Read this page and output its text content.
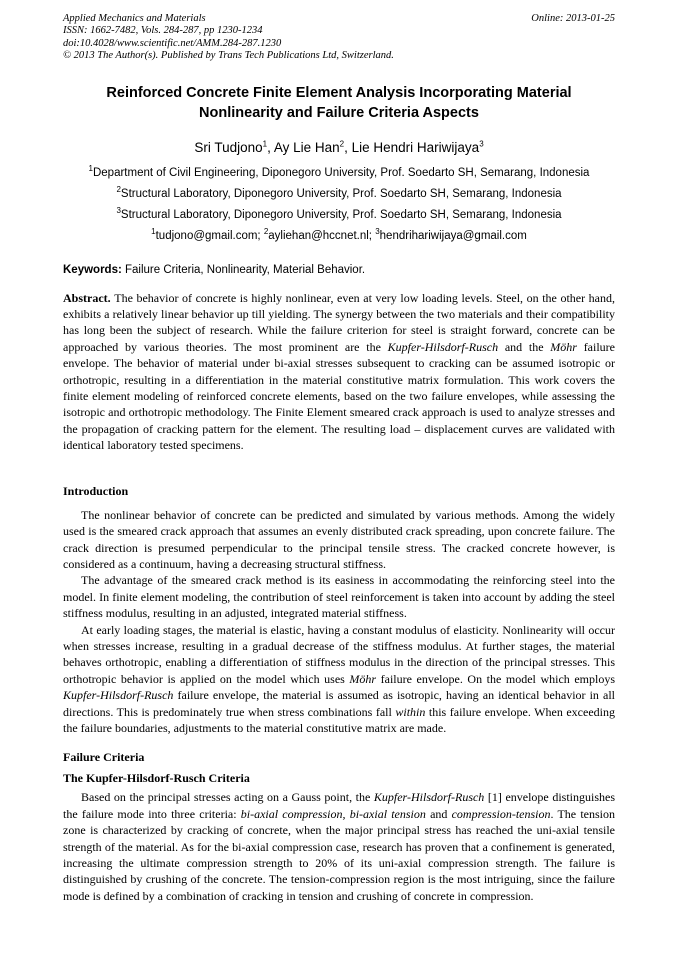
Applied Mechanics and Materials	Online: 2013-01-25
ISSN: 1662-7482, Vols. 284-287, pp 1230-1234
doi:10.4028/www.scientific.net/AMM.284-287.1230
© 2013 The Author(s). Published by Trans Tech Publications Ltd, Switzerland.
Reinforced Concrete Finite Element Analysis Incorporating Material Nonlinearity and Failure Criteria Aspects

Sri Tudjono$^1$, Ay Lie Han$^2$, Lie Hendri Hariwijaya$^3$

$^1$Department of Civil Engineering, Diponegoro University, Prof. Soedarto SH, Semarang, Indonesia

$^2$Structural Laboratory, Diponegoro University, Prof. Soedarto SH, Semarang, Indonesia

$^3$Structural Laboratory, Diponegoro University, Prof. Soedarto SH, Semarang, Indonesia

$^1$tudjono@gmail.com; $^2$ayliehan@hccnet.nl; $^3$hendrihariwijaya@gmail.com

Keywords: Failure Criteria, Nonlinearity, Material Behavior.

Abstract. The behavior of concrete is highly nonlinear, even at very low loading levels. Steel, on the other hand, exhibits a relatively linear behavior up till yielding. The synergy between the two materials and their compatibility has long been the subject of research. While the failure criterion for steel is straight forward, concrete can be approached by various theories. The most prominent are the Kupfer-Hilsdorf-Rusch and the Möhr failure envelope. The behavior of material under bi-axial stresses subsequent to cracking can be assumed isotropic or orthotropic, resulting in a differentiation in the material constitutive matrix formulation. This work covers the finite element modeling of reinforced concrete elements, based on the two failure envelopes, while assessing the isotropic and orthotropic methodology. The Finite Element smeared crack approach is used to analyze stresses and the propagation of cracking pattern for the element. The resulting load – displacement curves are validated with identical laboratory tested specimens.

Introduction

The nonlinear behavior of concrete can be predicted and simulated by various methods. Among the widely used is the smeared crack approach that assumes an evenly distributed crack spreading, upon concrete failure. The crack direction is presumed perpendicular to the principal tensile stress. The cracked concrete however, is considered as a continuum, having a decreasing structural stiffness.

The advantage of the smeared crack method is its easiness in accommodating the reinforcing steel into the model. In finite element modeling, the contribution of steel reinforcement is taken into account by adding the steel stiffness modulus, resulting in an adjusted, integrated material stiffness.

At early loading stages, the material is elastic, having a constant modulus of elasticity. Nonlinearity will occur when stresses increase, resulting in a gradual decrease of the stiffness modulus. At further stages, the material behaves orthotropic, enabling a differentiation of stiffness modulus in the direction of the principal stresses. This orthotropic behavior is applied on the model which uses Möhr failure envelope. On the model which employs Kupfer-Hilsdorf-Rusch failure envelope, the material is assumed as isotropic, having an identical behavior in all directions. This is predominately true when stress combinations fall within this failure envelope. When exceeding the failure boundaries, adjustments to the material constitutive matrix are made.

Failure Criteria
The Kupfer-Hilsdorf-Rusch Criteria

Based on the principal stresses acting on a Gauss point, the Kupfer-Hilsdorf-Rusch [1] envelope distinguishes the failure mode into three criteria: bi-axial compression, bi-axial tension and compression-tension. The tension zone is characterized by cracking of concrete, when the major principal stress has reached the uni-axial tensile strength of the material. As for the bi-axial compression case, research has proven that a confinement is generated, increasing the ultimate compression strength to 20% of its uni-axial compression strength. The failure is distinguished by crushing of the concrete. The tension-compression region is the most intriguing, since the failure mode is defined by a combination of cracking in tension and crushing of concrete in compression.
